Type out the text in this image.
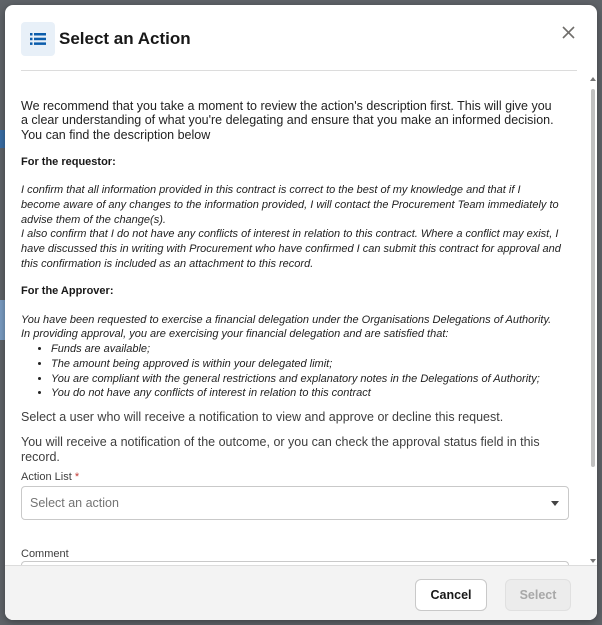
Select an Action

We recommend that you take a moment to review the action's description first. This will give you a clear understanding of what you're delegating and ensure that you make an informed decision. You can find the description below

For the requestor:

I confirm that all information provided in this contract is correct to the best of my knowledge and that if I become aware of any changes to the information provided, I will contact the Procurement Team immediately to advise them of the change(s).

I also confirm that I do not have any conflicts of interest in relation to this contract. Where a conflict may exist, I have discussed this in writing with Procurement who have confirmed I can submit this contract for approval and this confirmation is included as an attachment to this record.

For the Approver:

You have been requested to exercise a financial delegation under the Organisations Delegations of Authority. In providing approval, you are exercising your financial delegation and are satisfied that:

• Funds are available;
• The amount being approved is within your delegated limit;
• You are compliant with the general restrictions and explanatory notes in the Delegations of Authority;
• You do not have any conflicts of interest in relation to this contract

Select a user who will receive a notification to view and approve or decline this request.

You will receive a notification of the outcome, or you can check the approval status field in this record.

Action List *
Select an action
Comment
Cancel	Select
